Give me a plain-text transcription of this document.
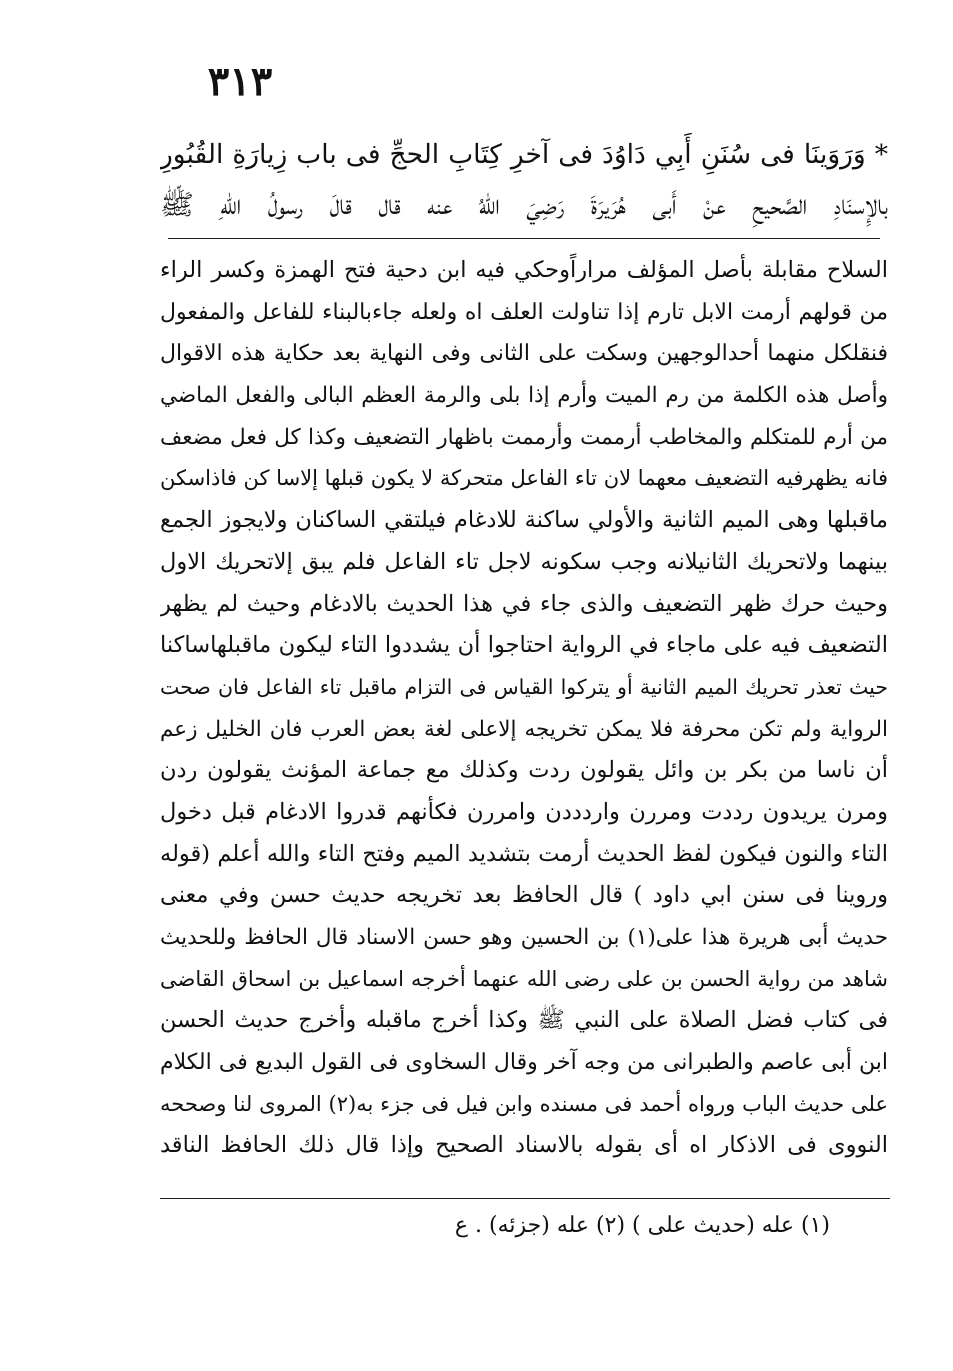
٣١٣
* وَرَوَينَا فى سُنَنِ أَبِي دَاوُدَ فى آخرِ كِتَابِ الحجِّ فى باب زِيارَةِ القُبُورِ
بالإِسنَادِ الصَّحيحِ عنْ أَبى هُرَيرَةَ رَضِيَ اللهُ عنه قال قالَ رسولُ اللهِ ﷺ
السلاح مقابلة بأصل المؤلف مراراًوحكي فيه ابن دحية فتح الهمزة وكسر الراء
من قولهم أرمت الابل تارم إذا تناولت العلف اه ولعله جاءبالبناء للفاعل والمفعول
فنقلكل منهما أحدالوجهين وسكت على الثانى وفى النهاية بعد حكاية هذه الاقوال
وأصل هذه الكلمة من رم الميت وأرم إذا بلى والرمة العظم البالى والفعل الماضي
من أرم للمتكلم والمخاطب أرممت وأرممت باظهار التضعيف وكذا كل فعل مضعف
فانه يظهرفيه التضعيف معهما لان تاء الفاعل متحركة لا يكون قبلها إلاسا كن فاذاسكن
ماقبلها وهى الميم الثانية والأولي ساكنة للادغام فيلتقي الساكنان ولايجوز الجمع
بينهما ولاتحريك الثانيلانه وجب سكونه لاجل تاء الفاعل فلم يبق إلاتحريك الاول
وحيث حرك ظهر التضعيف والذى جاء في هذا الحديث بالادغام وحيث لم يظهر
التضعيف فيه على ماجاء في الرواية احتاجوا أن يشددوا التاء ليكون ماقبلهاساكنا
حيث تعذر تحريك الميم الثانية أو يتركوا القياس فى التزام ماقبل تاء الفاعل فان صحت
الرواية ولم تكن محرفة فلا يمكن تخريجه إلاعلى لغة بعض العرب فان الخليل زعم
أن ناسا من بكر بن وائل يقولون ردت وكذلك مع جماعة المؤنث يقولون ردن
ومرن يريدون رددت ومررن واردددن وامررن فكأنهم قدروا الادغام قبل دخول
التاء والنون فيكون لفظ الحديث أرمت بتشديد الميم وفتح التاء والله أعلم (قوله
وروينا فى سنن ابي داود ) قال الحافظ بعد تخريجه حديث حسن وفي معنى
حديث أبى هريرة هذا على(١) بن الحسين وهو حسن الاسناد قال الحافظ وللحديث
شاهد من رواية الحسن بن على رضى الله عنهما أخرجه اسماعيل بن اسحاق القاضى
فى كتاب فضل الصلاة على النبي ﷺ وكذا أخرج ماقبله وأخرج حديث الحسن
ابن أبى عاصم والطبرانى من وجه آخر وقال السخاوى فى القول البديع فى الكلام
على حديث الباب ورواه أحمد فى مسنده وابن فيل فى جزء به(٢) المروى لنا وصححه
النووى فى الاذكار اه أى بقوله بالاسناد الصحيح وإذا قال ذلك الحافظ الناقد
(١) عله (حديث على ) (٢) عله (جزئه) . ع
